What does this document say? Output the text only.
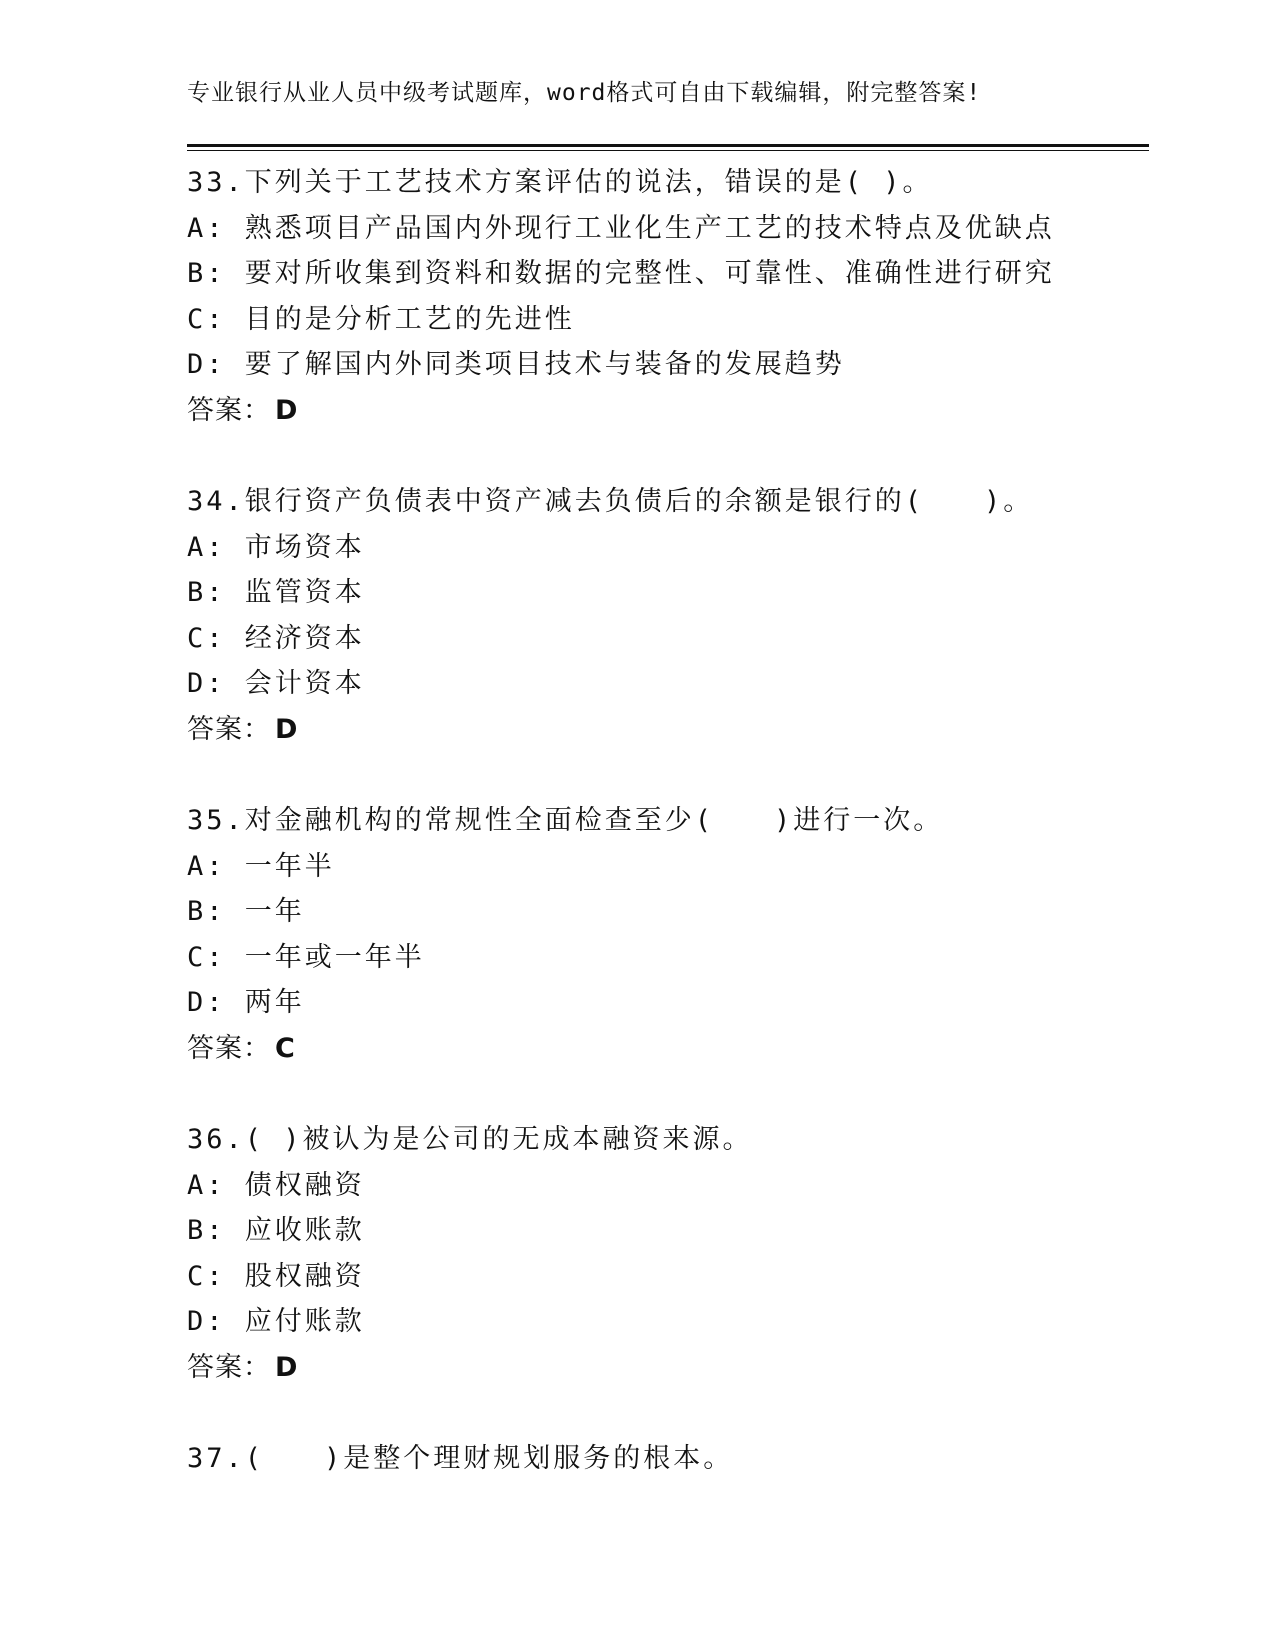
专业银行从业人员中级考试题库，word格式可自由下载编辑，附完整答案!
33.下列关于工艺技术方案评估的说法，错误的是( )。
A: 熟悉项目产品国内外现行工业化生产工艺的技术特点及优缺点
B: 要对所收集到资料和数据的完整性、可靠性、准确性进行研究
C: 目的是分析工艺的先进性
D: 要了解国内外同类项目技术与装备的发展趋势
答案： D
34.银行资产负债表中资产减去负债后的余额是银行的(　　)。
A: 市场资本
B: 监管资本
C: 经济资本
D: 会计资本
答案： D
35.对金融机构的常规性全面检查至少(　　)进行一次。
A: 一年半
B: 一年
C: 一年或一年半
D: 两年
答案： C
36.( )被认为是公司的无成本融资来源。
A: 债权融资
B: 应收账款
C: 股权融资
D: 应付账款
答案： D
37.(　　)是整个理财规划服务的根本。
